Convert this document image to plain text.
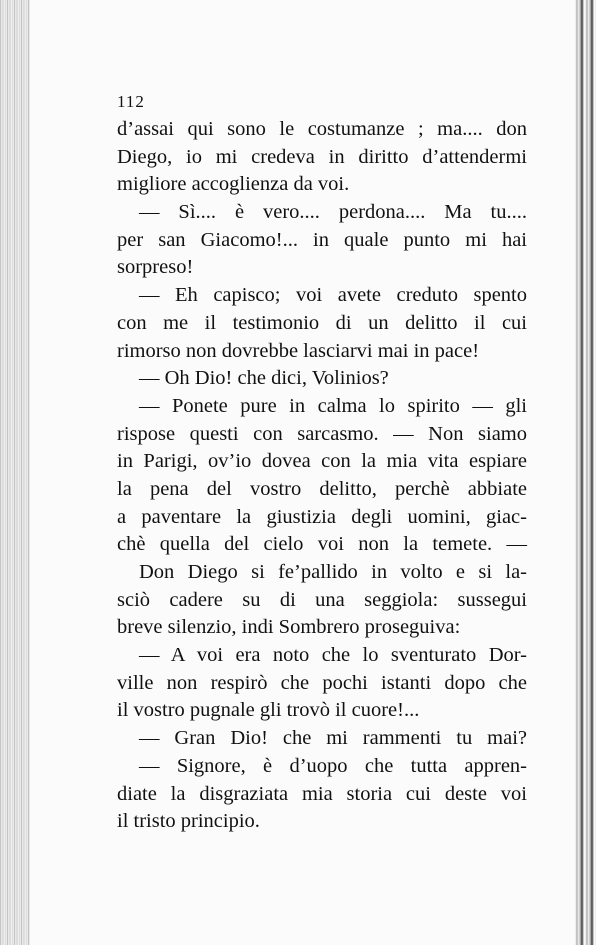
112
d’assai qui sono le costumanze ; ma.... don
Diego, io mi credeva in diritto d’attendermi
migliore accoglienza da voi.
— Sì.... è vero.... perdona.... Ma tu....
per san Giacomo!... in quale punto mi hai
sorpreso!
— Eh capisco; voi avete creduto spento
con me il testimonio di un delitto il cui
rimorso non dovrebbe lasciarvi mai in pace!
— Oh Dio! che dici, Volinios?
— Ponete pure in calma lo spirito — gli
rispose questi con sarcasmo. — Non siamo
in Parigi, ov’io dovea con la mia vita espiare
la pena del vostro delitto, perchè abbiate
a paventare la giustizia degli uomini, giac-
chè quella del cielo voi non la temete. —
Don Diego si fe’pallido in volto e si la-
sciò cadere su di una seggiola: sussegui
breve silenzio, indi Sombrero proseguiva:
— A voi era noto che lo sventurato Dor-
ville non respirò che pochi istanti dopo che
il vostro pugnale gli trovò il cuore!...
— Gran Dio! che mi rammenti tu mai?
— Signore, è d’uopo che tutta appren-
diate la disgraziata mia storia cui deste voi
il tristo principio.
